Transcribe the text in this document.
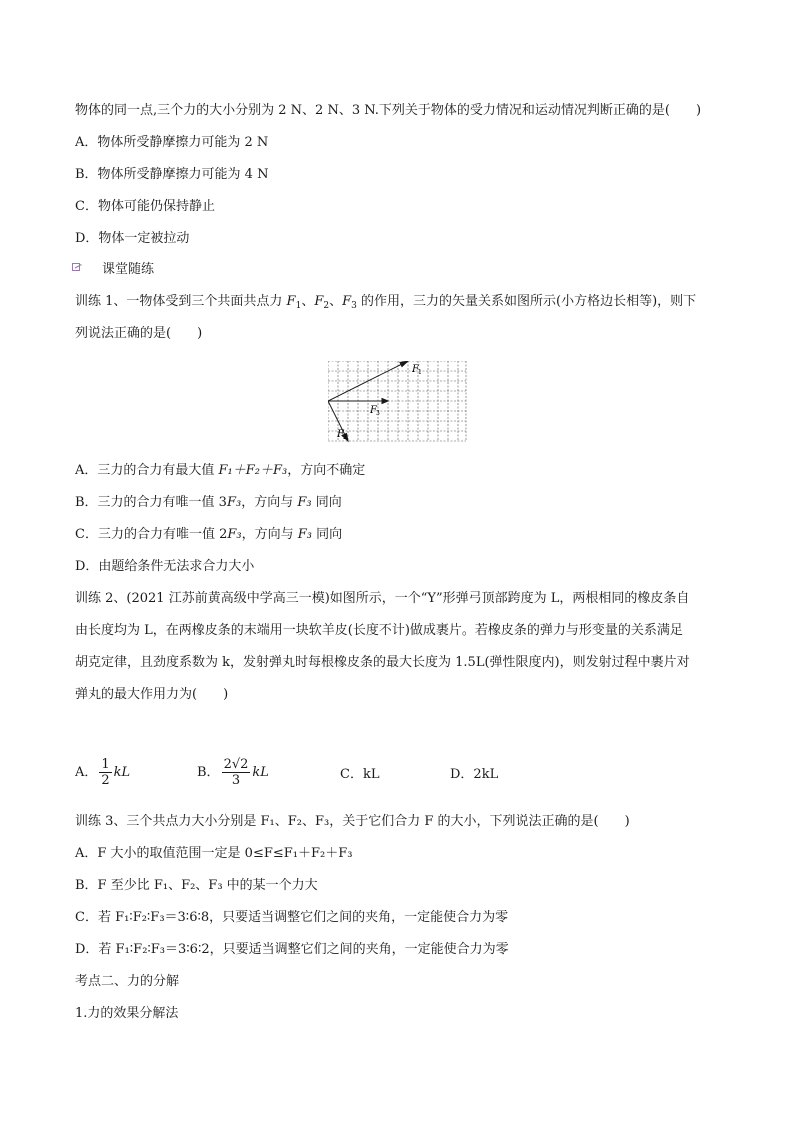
物体的同一点,三个力的大小分别为 2 N、2 N、3 N.下列关于物体的受力情况和运动情况判断正确的是(　　)
A．物体所受静摩擦力可能为 2 N
B．物体所受静摩擦力可能为 4 N
C．物体可能仍保持静止
D．物体一定被拉动
课堂随练
训练 1、一物体受到三个共面共点力 $F_1$、$F_2$、$F_3$ 的作用，三力的矢量关系如图所示(小方格边长相等)，则下
列说法正确的是(　　)
F 1
F 3
F 2
A．三力的合力有最大值 F₁＋F₂＋F₃，方向不确定
B．三力的合力有唯一值 3F₃，方向与 F₃ 同向
C．三力的合力有唯一值 2F₃，方向与 F₃ 同向
D．由题给条件无法求合力大小
训练 2、(2021 江苏前黄高级中学高三一模)如图所示，一个“Y”形弹弓顶部跨度为 L，两根相同的橡皮条自
由长度均为 L，在两橡皮条的末端用一块软羊皮(长度不计)做成裹片。若橡皮条的弹力与形变量的关系满足
胡克定律，且劲度系数为 k，发射弹丸时每根橡皮条的最大长度为 1.5L(弹性限度内)，则发射过程中裹片对
弹丸的最大作用力为(　　)
A． $\frac{1}{2}$ kL	B． $\frac{2√2}{3}$ kL	C．kL	D．2kL
训练 3、三个共点力大小分别是 F₁、F₂、F₃，关于它们合力 F 的大小，下列说法正确的是(　　)
A．F 大小的取值范围一定是 0≤F≤F₁＋F₂＋F₃
B．F 至少比 F₁、F₂、F₃ 中的某一个力大
C．若 F₁∶F₂∶F₃＝3∶6∶8，只要适当调整它们之间的夹角，一定能使合力为零
D．若 F₁∶F₂∶F₃＝3∶6∶2，只要适当调整它们之间的夹角，一定能使合力为零
考点二、力的分解
1.力的效果分解法
